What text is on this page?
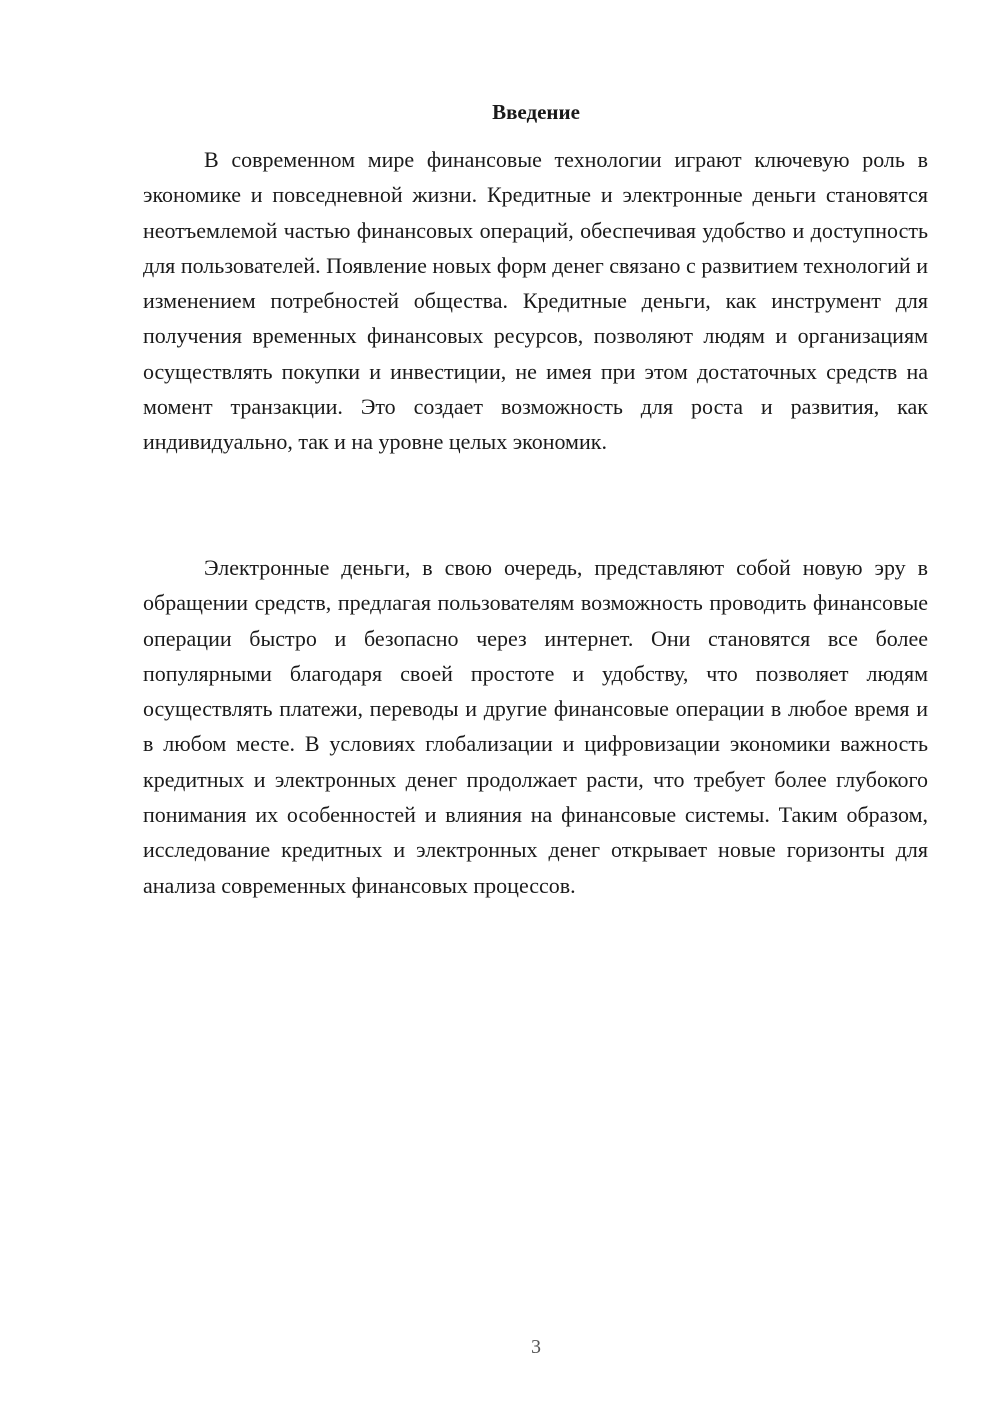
Введение

В современном мире финансовые технологии играют ключевую роль в экономике и повседневной жизни. Кредитные и электронные деньги становятся неотъемлемой частью финансовых операций, обеспечивая удобство и доступность для пользователей. Появление новых форм денег связано с развитием технологий и изменением потребностей общества. Кредитные деньги, как инструмент для получения временных финансовых ресурсов, позволяют людям и организациям осуществлять покупки и инвестиции, не имея при этом достаточных средств на момент транзакции. Это создает возможность для роста и развития, как индивидуально, так и на уровне целых экономик.

Электронные деньги, в свою очередь, представляют собой новую эру в обращении средств, предлагая пользователям возможность проводить финансовые операции быстро и безопасно через интернет. Они становятся все более популярными благодаря своей простоте и удобству, что позволяет людям осуществлять платежи, переводы и другие финансовые операции в любое время и в любом месте. В условиях глобализации и цифровизации экономики важность кредитных и электронных денег продолжает расти, что требует более глубокого понимания их особенностей и влияния на финансовые системы. Таким образом, исследование кредитных и электронных денег открывает новые горизонты для анализа современных финансовых процессов.

3
